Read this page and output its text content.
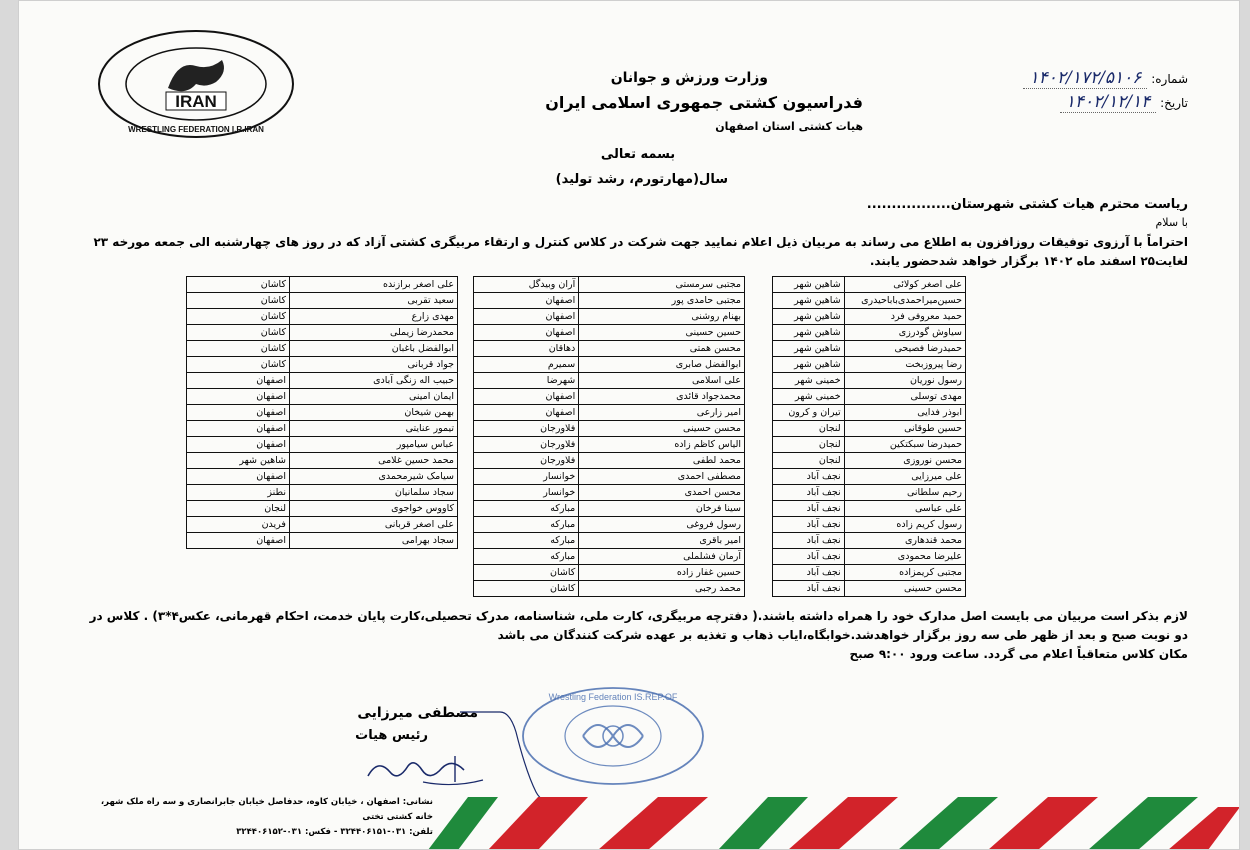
IRAN
WRESTLING FEDERATION I.R.IRAN
وزارت ورزش و جوانان
فدراسیون کشتی جمهوری اسلامی ایران
هیات کشتی استان اصفهان
شماره: ۱۴۰۲/۱۷۲/۵۱۰۶
تاریخ: ۱۴۰۲/۱۲/۱۴
بسمه تعالی
سال(مهارتورم، رشد تولید)
ریاست محترم هیات کشتی شهرستان.................
با سلام
احتراماً با آرزوی توفیقات روزافزون به اطلاع می رساند به مربیان ذیل اعلام نمایید جهت شرکت در کلاس کنترل و ارتقاء مربیگری کشتی آزاد که در روز های چهارشنبه الی جمعه مورخه ۲۳ لغایت۲۵ اسفند ماه ۱۴۰۲ برگزار خواهد شدحضور یابند.
علی اصغر کولائی	شاهین شهر
حسین‌میراحمدی‌باباحیدری	شاهین شهر
حمید معروفی فرد	شاهین شهر
سیاوش گودرزی	شاهین شهر
حمیدرضا فصیحی	شاهین شهر
رضا پیروزبخت	شاهین شهر
رسول نوریان	خمینی شهر
مهدی توسلی	خمینی شهر
ابوذر فدایی	تیران و کرون
حسین طوقانی	لنجان
حمیدرضا سبکتکین	لنجان
محسن نوروزی	لنجان
علی میرزایی	نجف آباد
رحیم سلطانی	نجف آباد
علی عباسی	نجف آباد
رسول کریم زاده	نجف آباد
محمد قندهاری	نجف آباد
علیرضا محمودی	نجف آباد
مجتبی کریمزاده	نجف آباد
محسن حسینی	نجف آباد
مجتبی سرمستی	آران وبیدگل
مجتبی حامدی پور	اصفهان
بهنام روشنی	اصفهان
حسین حسینی	اصفهان
محسن همتی	دهاقان
ابوالفضل صابری	سمیرم
علی اسلامی	شهرضا
محمدجواد قائدی	اصفهان
امیر زارعی	اصفهان
محسن حسینی	فلاورجان
الیاس کاظم زاده	فلاورجان
محمد لطفی	فلاورجان
مصطفی احمدی	خوانسار
محسن احمدی	خوانسار
سینا فرخان	مبارکه
رسول فروغی	مبارکه
امیر باقری	مبارکه
آرمان فشلملی	مبارکه
حسین غفار زاده	کاشان
محمد رجبی	کاشان
علی اصغر برازنده	کاشان
سعید تقربی	کاشان
مهدی زارع	کاشان
محمدرضا زیملی	کاشان
ابوالفضل باغبان	کاشان
جواد قربانی	کاشان
حبیب اله زنگی آبادی	اصفهان
ایمان امینی	اصفهان
بهمن شیخان	اصفهان
تیمور عنایتی	اصفهان
عباس سیامپور	اصفهان
محمد حسین غلامی	شاهین شهر
سیامک شیرمحمدی	اصفهان
سجاد سلمانیان	نطنز
کاووس خواجوی	لنجان
علی اصغر قربانی	فریدن
سجاد بهرامی	اصفهان
لازم بذکر است مربیان می بایست اصل مدارک خود را همراه داشته باشند.( دفترچه مربیگری، کارت ملی، شناسنامه، مدرک تحصیلی،کارت پایان خدمت، احکام قهرمانی، عکس۴*۳) . کلاس در دو نوبت صبح و بعد از ظهر طی سه روز برگزار خواهدشد.خوابگاه،ایاب ذهاب و تغذیه بر عهده شرکت کنندگان می باشد
مکان کلاس متعاقباً اعلام می گردد. ساعت ورود ۹:۰۰ صبح
مصطفی میرزایی
رئیس هیات
Wrestling Federation IS.REP.OF
نشانی: اصفهان ، خیابان کاوه، حدفاصل خیابان جابرانصاری و سه راه ملک شهر، خانه کشتی تختی
تلفن: ۰۳۱-۳۲۴۴۰۶۱۵۱ - فکس: ۰۳۱-۳۲۴۴۰۶۱۵۲
